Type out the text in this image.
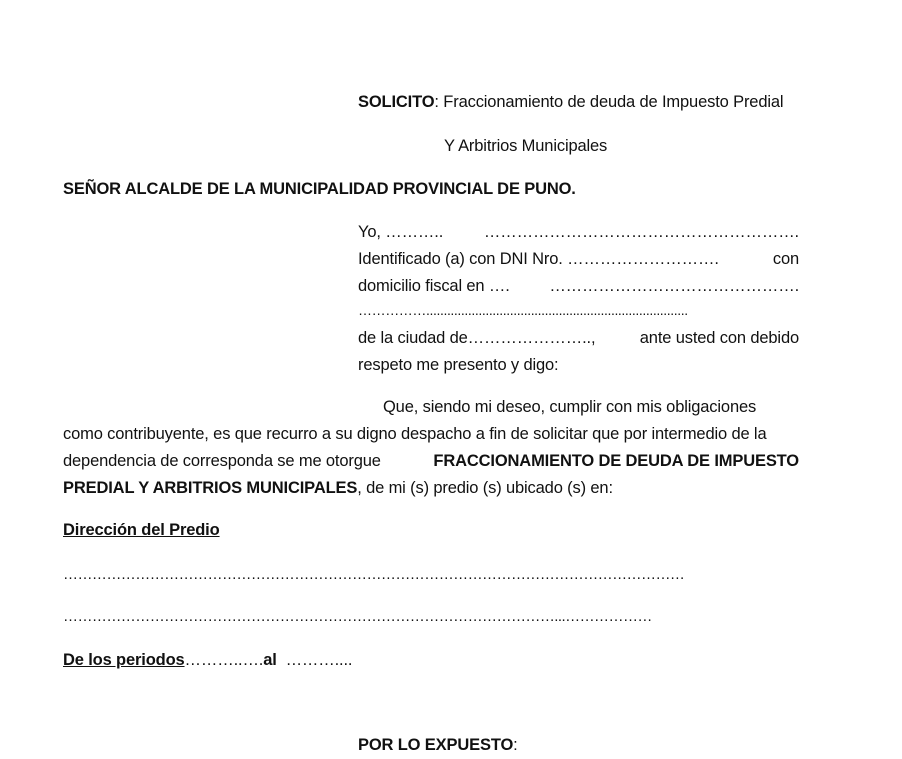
SOLICITO: Fraccionamiento de deuda de Impuesto Predial
Y Arbitrios Municipales
SEÑOR ALCALDE DE LA MUNICIPALIDAD PROVINCIAL DE PUNO.
Yo, ……….. ………………………………………………….
Identificado (a) con DNI Nro. ……………………….	con
domicilio fiscal en …. ……………………………………….
……………...........................................................................
de la ciudad de…………………..,	ante usted con debido
respeto me presento y digo:
Que, siendo mi deseo, cumplir con mis obligaciones
como contribuyente, es que recurro a su digno despacho a fin de solicitar que por intermedio de la
dependencia de corresponda se me otorgue	FRACCIONAMIENTO DE DEUDA DE IMPUESTO
PREDIAL Y ARBITRIOS MUNICIPALES, de mi (s) predio (s) ubicado (s) en:
Dirección del Predio
…………………………………………………………………………………………………………………
…………………………………………………………………………………………...………………
De los periodos………..….al  ………....
POR LO EXPUESTO:
